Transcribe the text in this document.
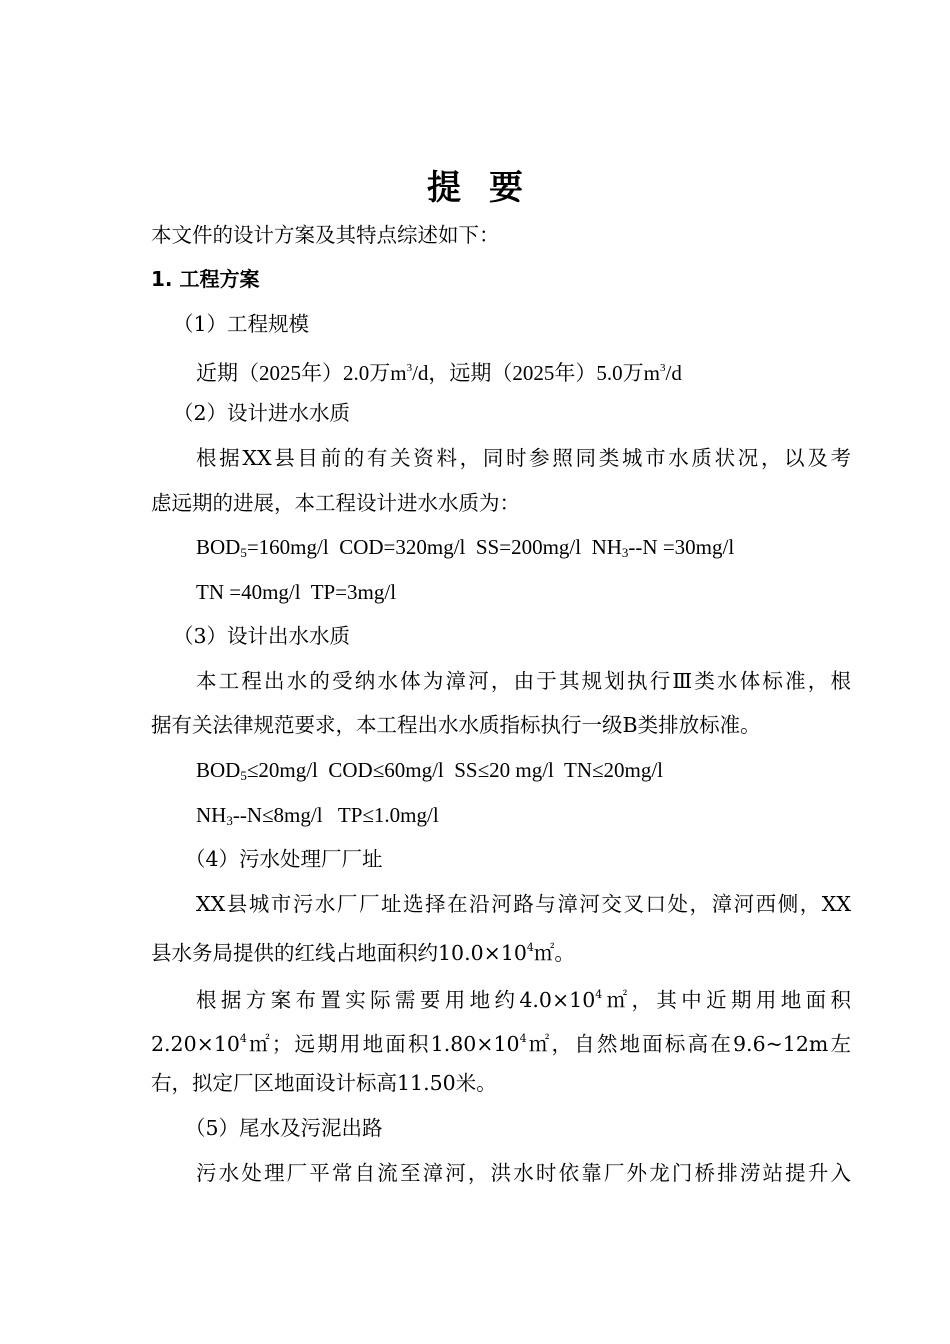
提要
本文件的设计方案及其特点综述如下：
1. 工程方案
（1）工程规模
近期（2025年）2.0万$m^3/d$，远期（2025年）5.0万$m^3/d$
（2）设计进水水质
根据XX县目前的有关资料，同时参照同类城市水质状况，以及考
虑远期的进展，本工程设计进水水质为：
$BOD_5=160mg/l$  COD=320mg/l  SS=200mg/l  $NH_3--N =30mg/l$
TN =40mg/l  TP=3mg/l
（3）设计出水水质
本工程出水的受纳水体为漳河，由于其规划执行Ⅲ类水体标准，根
据有关法律规范要求，本工程出水水质指标执行一级B类排放标准。
$BOD_5\le 20mg/l$  COD≤60mg/l  SS≤20 mg/l  TN≤20mg/l
$NH_3--N\le 8mg/l$   TP≤1.0mg/l
（4）污水处理厂厂址
XX县城市污水厂厂址选择在沿河路与漳河交叉口处，漳河西侧，XX
县水务局提供的红线占地面积约$10.0\times 10^4㎡$。
根据方案布置实际需要用地约$4.0\times 10^4㎡$，其中近期用地面积
$2.20\times 10^4㎡$；远期用地面积$1.80\times 10^4㎡$，自然地面标高在9.6~12m左
右，拟定厂区地面设计标高11.50米。
（5）尾水及污泥出路
污水处理厂平常自流至漳河，洪水时依靠厂外龙门桥排涝站提升入
